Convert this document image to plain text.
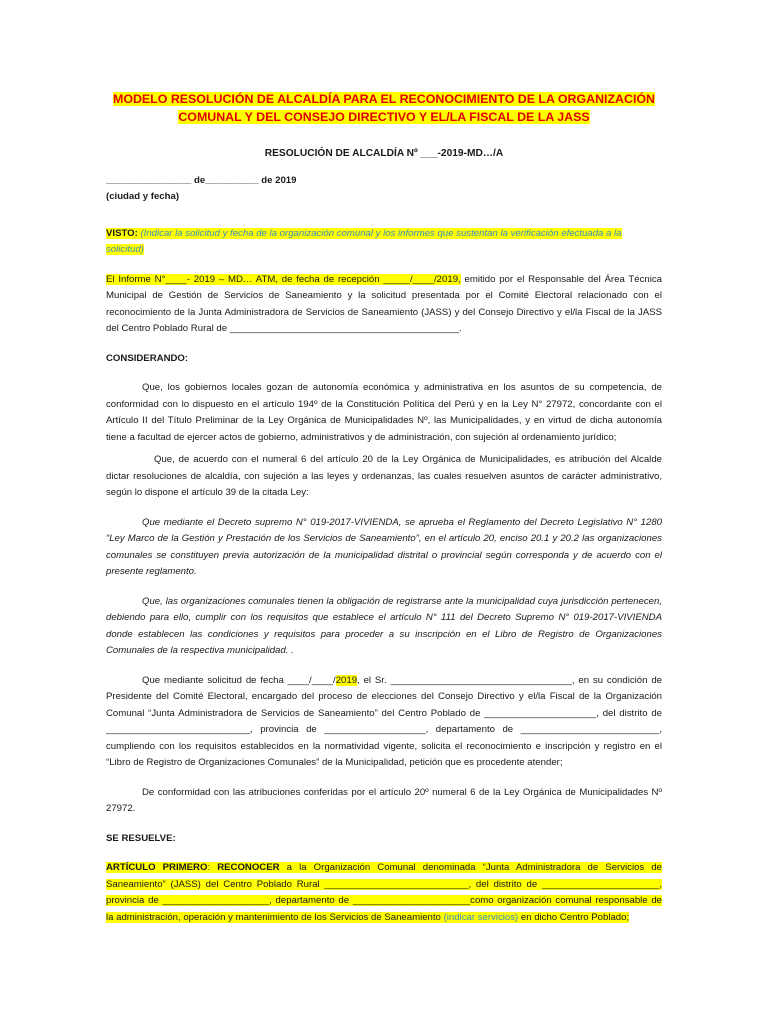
MODELO RESOLUCIÓN DE ALCALDÍA PARA EL RECONOCIMIENTO DE LA ORGANIZACIÓN
COMUNAL Y DEL CONSEJO DIRECTIVO Y EL/LA FISCAL DE LA JASS

RESOLUCIÓN DE ALCALDÍA Nº ___-2019-MD…/A

________________ de__________ de 2019

(ciudad y fecha)

VISTO: (Indicar la solicitud y fecha de la organización comunal y los informes que sustentan la verificación efectuada a la solicitud)

El Informe N°____- 2019 – MD… ATM, de fecha de recepción _____/____/2019, emitido por el Responsable del Área Técnica Municipal de Gestión de Servicios de Saneamiento y la solicitud presentada por el Comité Electoral relacionado con el reconocimiento de la Junta Administradora de Servicios de Saneamiento (JASS) y del Consejo Directivo y el/la Fiscal de la JASS del Centro Poblado Rural de ___________________________________________.

CONSIDERANDO:

Que, los gobiernos locales gozan de autonomía económica y administrativa en los asuntos de su competencia, de conformidad con lo dispuesto en el artículo 194º de la Constitución Política del Perú y en la Ley N° 27972, concordante con el Artículo II del Título Preliminar de la Ley Orgánica de Municipalidades Nº, las Municipalidades, y en virtud de dicha autonomía tiene a facultad de ejercer actos de gobierno, administrativos y de administración, con sujeción al ordenamiento jurídico;

Que, de acuerdo con el numeral 6 del artículo 20 de la Ley Orgánica de Municipalidades, es atribución del Alcalde dictar resoluciones de alcaldía, con sujeción a las leyes y ordenanzas, las cuales resuelven asuntos de carácter administrativo, según lo dispone el artículo 39 de la citada Ley:

Que mediante el Decreto supremo N° 019-2017-VIVIENDA, se aprueba el Reglamento del Decreto Legislativo N° 1280 “Ley Marco de la Gestión y Prestación de los Servicios de Saneamiento”, en el artículo 20, enciso 20.1 y 20.2 las organizaciones comunales se constituyen previa autorización de la municipalidad distrital o provincial según corresponda y de acuerdo con el presente reglamento.

Que, las organizaciones comunales tienen la obligación de registrarse ante la municipalidad cuya jurisdicción pertenecen, debiendo para ello, cumplir con los requisitos que establece el artículo N° 111 del Decreto Supremo N° 019-2017-VIVIENDA donde establecen las condiciones y requisitos para proceder a su inscripción en el Libro de Registro de Organizaciones Comunales de la respectiva municipalidad. .

Que mediante solicitud de fecha ____/____/2019, el Sr. __________________________________, en su condición de Presidente del Comité Electoral, encargado del proceso de elecciones del Consejo Directivo y el/la Fiscal de la Organización Comunal “Junta Administradora de Servicios de Saneamiento” del Centro Poblado de _____________________, del distrito de ___________________________, provincia de ___________________, departamento de __________________________, cumpliendo con los requisitos establecidos en la normatividad vigente, solicita el reconocimiento e inscripción y registro en el “Libro de Registro de Organizaciones Comunales” de la Municipalidad, petición que es procedente atender;

De conformidad con las atribuciones conferidas por el artículo 20º numeral 6 de la Ley Orgánica de Municipalidades Nº 27972.

SE RESUELVE:

ARTÍCULO PRIMERO: RECONOCER a la Organización Comunal denominada “Junta Administradora de Servicios de Saneamiento” (JASS) del Centro Poblado Rural ___________________________, del distrito de ______________________, provincia de ____________________, departamento de ______________________como organización comunal responsable de la administración, operación y mantenimiento de los Servicios de Saneamiento (indicar servicios) en dicho Centro Poblado;
